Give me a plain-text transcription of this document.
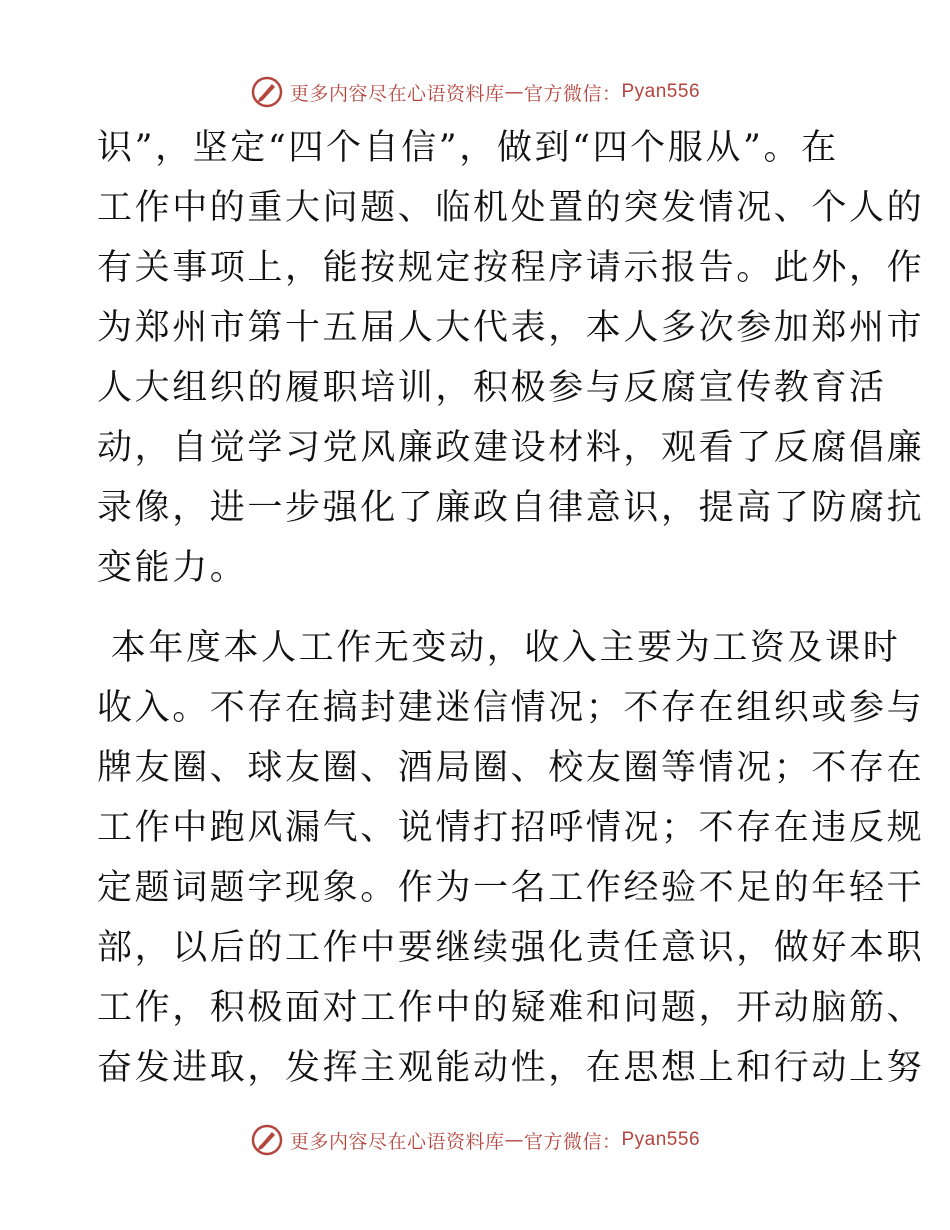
更多内容尽在心语资料库 — 官方微信： Pyan556
识”，坚定“四个自信”，做到“四个服从”。在
工作中的重大问题、临机处置的突发情况、个人的
有关事项上，能按规定按程序请示报告。此外，作
为郑州市第十五届人大代表，本人多次参加郑州市
人大组织的履职培训，积极参与反腐宣传教育活
动，自觉学习党风廉政建设材料，观看了反腐倡廉
录像，进一步强化了廉政自律意识，提高了防腐抗
变能力。
本年度本人工作无变动，收入主要为工资及课时
收入。不存在搞封建迷信情况；不存在组织或参与
牌友圈、球友圈、酒局圈、校友圈等情况；不存在
工作中跑风漏气、说情打招呼情况；不存在违反规
定题词题字现象。作为一名工作经验不足的年轻干
部，以后的工作中要继续强化责任意识，做好本职
工作，积极面对工作中的疑难和问题，开动脑筋、
奋发进取，发挥主观能动性，在思想上和行动上努
更多内容尽在心语资料库 — 官方微信： Pyan556
